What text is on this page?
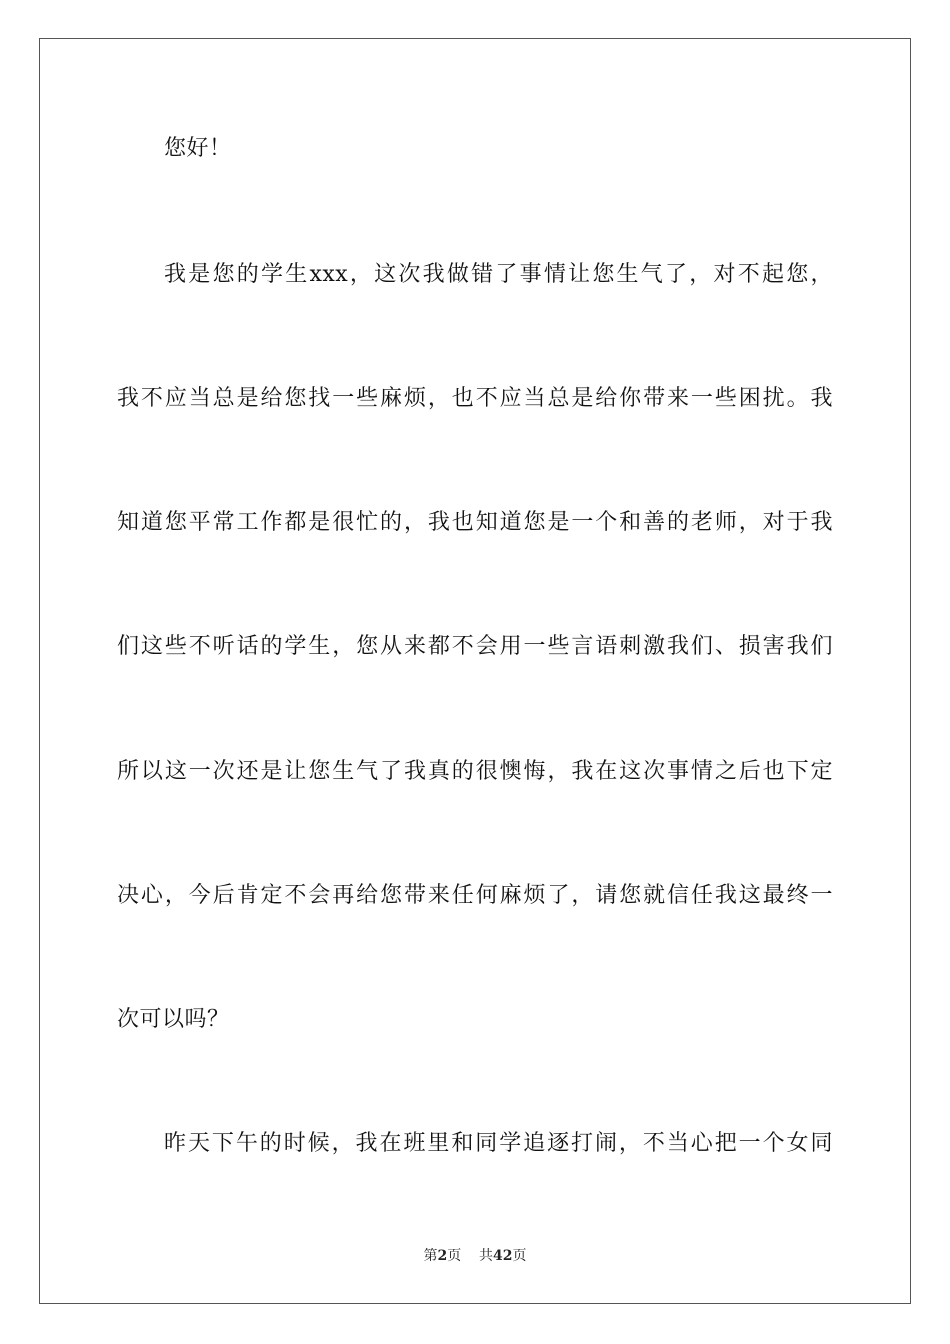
您好！
我是您的学生xxx，这次我做错了事情让您生气了，对不起您，
我不应当总是给您找一些麻烦，也不应当总是给你带来一些困扰。我
知道您平常工作都是很忙的，我也知道您是一个和善的老师，对于我
们这些不听话的学生，您从来都不会用一些言语刺激我们、损害我们
所以这一次还是让您生气了我真的很懊悔，我在这次事情之后也下定
决心，今后肯定不会再给您带来任何麻烦了，请您就信任我这最终一
次可以吗？
昨天下午的时候，我在班里和同学追逐打闹，不当心把一个女同
第2页 共42页
